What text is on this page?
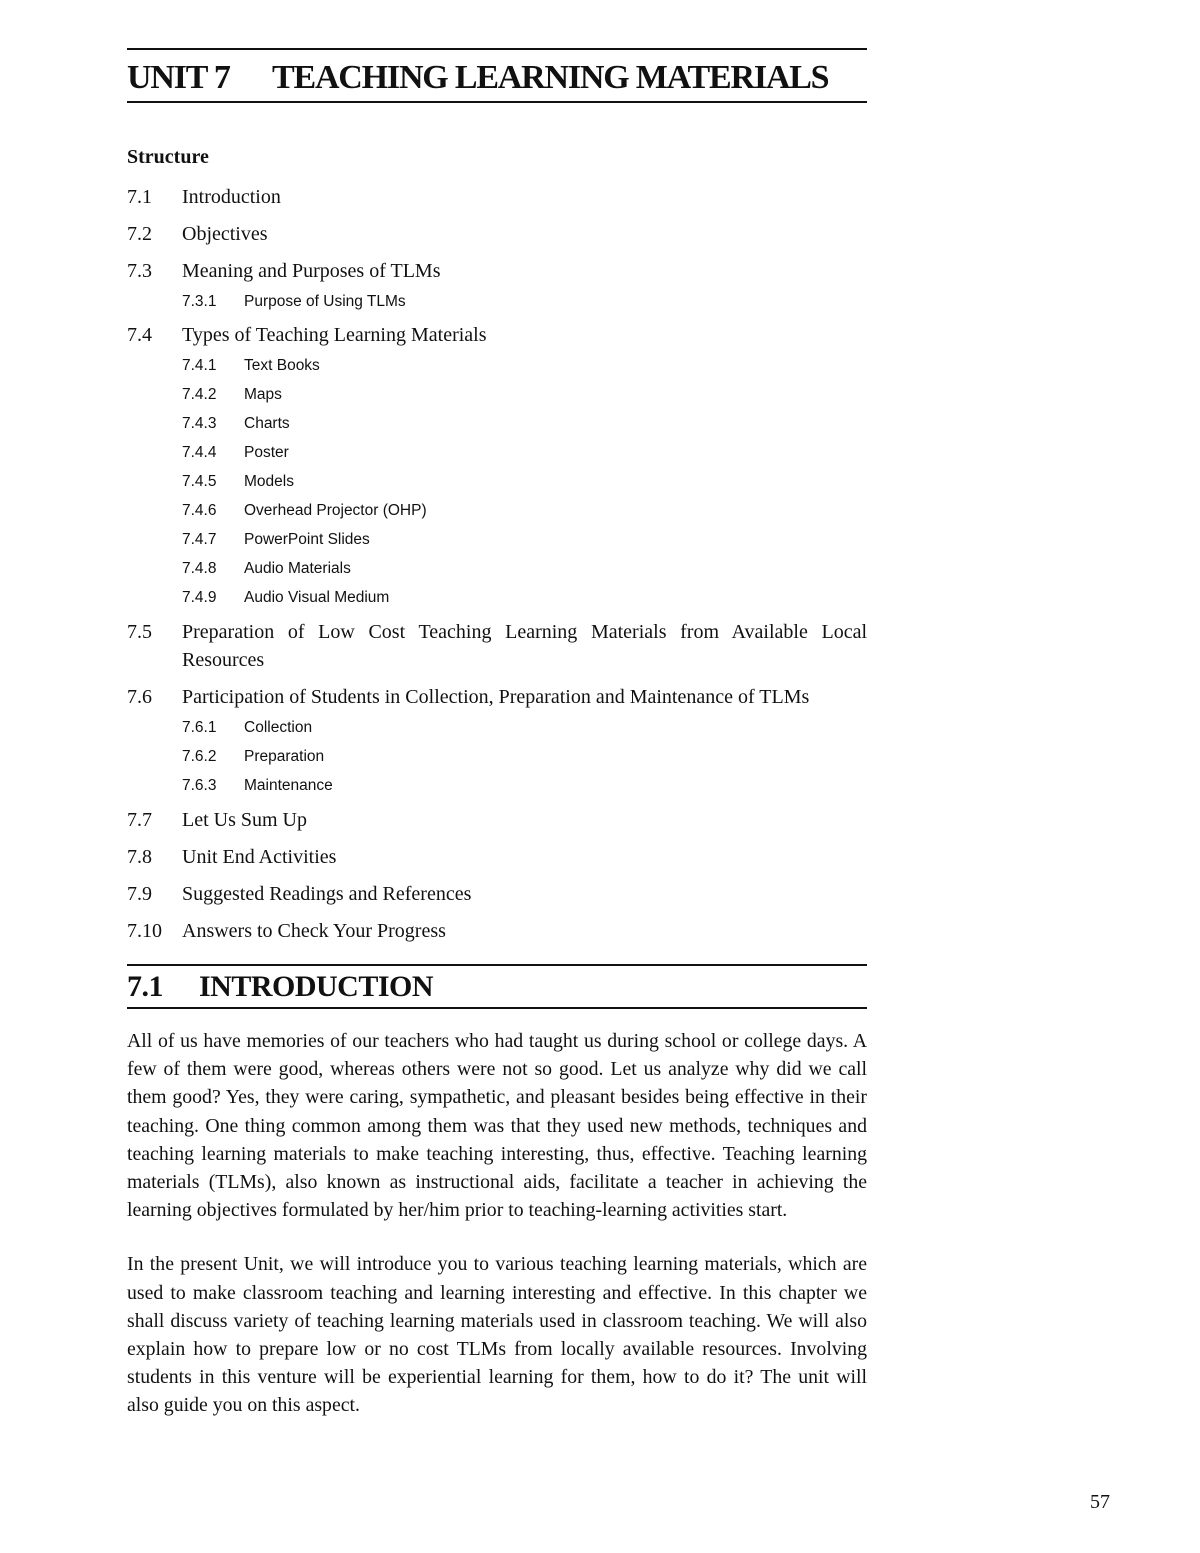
UNIT 7 TEACHING LEARNING MATERIALS
Structure
7.1	Introduction
7.2	Objectives
7.3	Meaning and Purposes of TLMs
7.3.1	Purpose of Using TLMs
7.4	Types of Teaching Learning Materials
7.4.1	Text Books
7.4.2	Maps
7.4.3	Charts
7.4.4	Poster
7.4.5	Models
7.4.6	Overhead Projector (OHP)
7.4.7	PowerPoint Slides
7.4.8	Audio Materials
7.4.9	Audio Visual Medium
7.5	Preparation of Low Cost Teaching Learning Materials from Available Local Resources
7.6	Participation of Students in Collection, Preparation and Maintenance of TLMs
7.6.1	Collection
7.6.2	Preparation
7.6.3	Maintenance
7.7	Let Us Sum Up
7.8	Unit End Activities
7.9	Suggested Readings and References
7.10	Answers to Check Your Progress
7.1 INTRODUCTION

All of us have memories of our teachers who had taught us during school or college days. A few of them were good, whereas others were not so good. Let us analyze why did we call them good? Yes, they were caring, sympathetic, and pleasant besides being effective in their teaching. One thing common among them was that they used new methods, techniques and teaching learning materials to make teaching interesting, thus, effective. Teaching learning materials (TLMs), also known as instructional aids, facilitate a teacher in achieving the learning objectives formulated by her/him prior to teaching-learning activities start.

In the present Unit, we will introduce you to various teaching learning materials, which are used to make classroom teaching and learning interesting and effective. In this chapter we shall discuss variety of teaching learning materials used in classroom teaching. We will also explain how to prepare low or no cost TLMs from locally available resources. Involving students in this venture will be experiential learning for them, how to do it? The unit will also guide you on this aspect.

57
